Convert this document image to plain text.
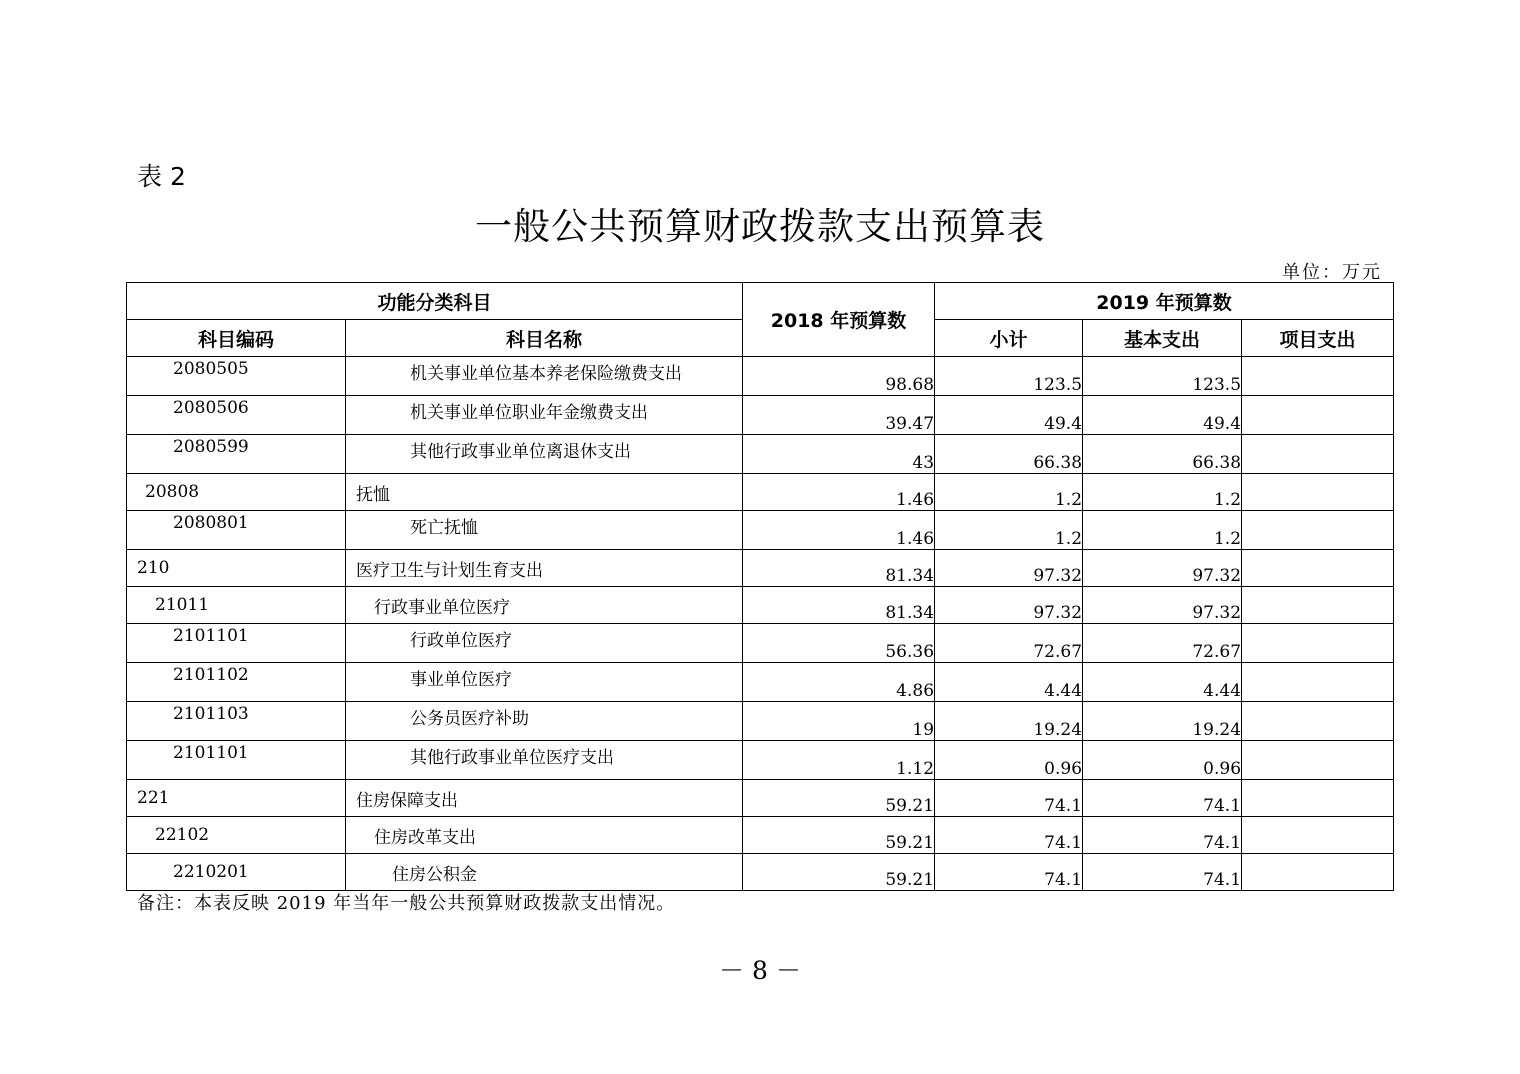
表 2
一般公共预算财政拨款支出预算表
单位：万元
功能分类科目		2018 年预算数	2019 年预算数		
科目编码	科目名称		小计	基本支出	项目支出
2080505	机关事业单位基本养老保险缴费支出	98.68	123.5	123.5	
2080506	机关事业单位职业年金缴费支出	39.47	49.4	49.4	
2080599	其他行政事业单位离退休支出	43	66.38	66.38	
20808	抚恤	1.46	1.2	1.2	
2080801	死亡抚恤	1.46	1.2	1.2	
210	医疗卫生与计划生育支出	81.34	97.32	97.32	
21011	行政事业单位医疗	81.34	97.32	97.32	
2101101	行政单位医疗	56.36	72.67	72.67	
2101102	事业单位医疗	4.86	4.44	4.44	
2101103	公务员医疗补助	19	19.24	19.24	
2101101	其他行政事业单位医疗支出	1.12	0.96	0.96	
221	住房保障支出	59.21	74.1	74.1	
22102	住房改革支出	59.21	74.1	74.1	
2210201	住房公积金	59.21	74.1	74.1	
备注：本表反映 2019 年当年一般公共预算财政拨款支出情况。
－ 8 －
